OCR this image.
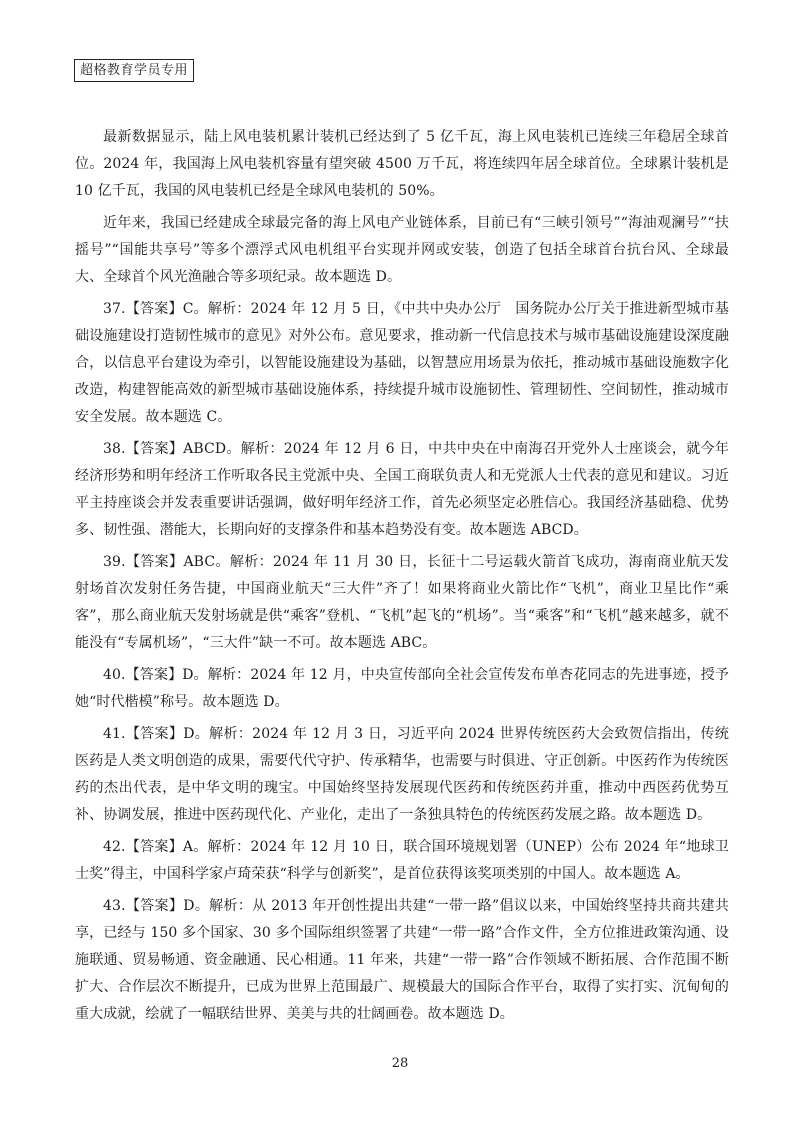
超格教育学员专用

最新数据显示，陆上风电装机累计装机已经达到了 5 亿千瓦，海上风电装机已连续三年稳居全球首位。2024 年，我国海上风电装机容量有望突破 4500 万千瓦，将连续四年居全球首位。全球累计装机是 10 亿千瓦，我国的风电装机已经是全球风电装机的 50%。

近年来，我国已经建成全球最完备的海上风电产业链体系，目前已有“三峡引领号”“海油观澜号”“扶摇号”“国能共享号”等多个漂浮式风电机组平台实现并网或安装，创造了包括全球首台抗台风、全球最大、全球首个风光渔融合等多项纪录。故本题选 D。

37.【答案】C。解析：2024 年 12 月 5 日，《中共中央办公厅　国务院办公厅关于推进新型城市基础设施建设打造韧性城市的意见》对外公布。意见要求，推动新一代信息技术与城市基础设施建设深度融合，以信息平台建设为牵引，以智能设施建设为基础，以智慧应用场景为依托，推动城市基础设施数字化改造，构建智能高效的新型城市基础设施体系，持续提升城市设施韧性、管理韧性、空间韧性，推动城市安全发展。故本题选 C。

38.【答案】ABCD。解析：2024 年 12 月 6 日，中共中央在中南海召开党外人士座谈会，就今年经济形势和明年经济工作听取各民主党派中央、全国工商联负责人和无党派人士代表的意见和建议。习近平主持座谈会并发表重要讲话强调，做好明年经济工作，首先必须坚定必胜信心。我国经济基础稳、优势多、韧性强、潜能大，长期向好的支撑条件和基本趋势没有变。故本题选 ABCD。

39.【答案】ABC。解析：2024 年 11 月 30 日，长征十二号运载火箭首飞成功，海南商业航天发射场首次发射任务告捷，中国商业航天“三大件”齐了！如果将商业火箭比作“飞机”，商业卫星比作“乘客”，那么商业航天发射场就是供“乘客”登机、“飞机”起飞的“机场”。当“乘客”和“飞机”越来越多，就不能没有“专属机场”，“三大件”缺一不可。故本题选 ABC。

40.【答案】D。解析：2024 年 12 月，中央宣传部向全社会宣传发布单杏花同志的先进事迹，授予她“时代楷模”称号。故本题选 D。

41.【答案】D。解析：2024 年 12 月 3 日，习近平向 2024 世界传统医药大会致贺信指出，传统医药是人类文明创造的成果，需要代代守护、传承精华，也需要与时俱进、守正创新。中医药作为传统医药的杰出代表，是中华文明的瑰宝。中国始终坚持发展现代医药和传统医药并重，推动中西医药优势互补、协调发展，推进中医药现代化、产业化，走出了一条独具特色的传统医药发展之路。故本题选 D。

42.【答案】A。解析：2024 年 12 月 10 日，联合国环境规划署（UNEP）公布 2024 年“地球卫士奖”得主，中国科学家卢琦荣获“科学与创新奖”，是首位获得该奖项类别的中国人。故本题选 A。

43.【答案】D。解析：从 2013 年开创性提出共建“一带一路”倡议以来，中国始终坚持共商共建共享，已经与 150 多个国家、30 多个国际组织签署了共建“一带一路”合作文件，全方位推进政策沟通、设施联通、贸易畅通、资金融通、民心相通。11 年来，共建“一带一路”合作领域不断拓展、合作范围不断扩大、合作层次不断提升，已成为世界上范围最广、规模最大的国际合作平台，取得了实打实、沉甸甸的重大成就，绘就了一幅联结世界、美美与共的壮阔画卷。故本题选 D。

28
